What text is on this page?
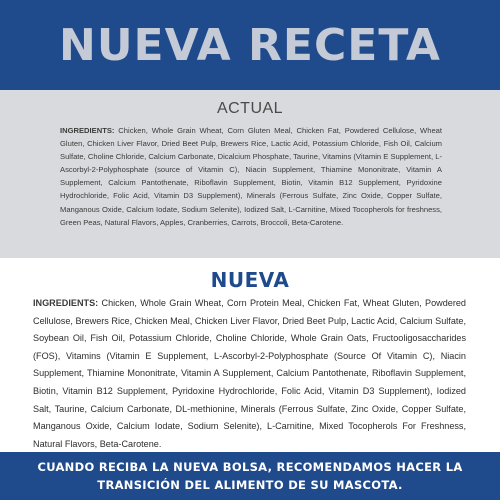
NUEVA RECETA
ACTUAL

INGREDIENTS: Chicken, Whole Grain Wheat, Corn Gluten Meal, Chicken Fat, Powdered Cellulose, Wheat Gluten, Chicken Liver Flavor, Dried Beet Pulp, Brewers Rice, Lactic Acid, Potassium Chloride, Fish Oil, Calcium Sulfate, Choline Chloride, Calcium Carbonate, Dicalcium Phosphate, Taurine, Vitamins (Vitamin E Supplement, L-Ascorbyl-2-Polyphosphate (source of Vitamin C), Niacin Supplement, Thiamine Mononitrate, Vitamin A Supplement, Calcium Pantothenate, Riboflavin Supplement, Biotin, Vitamin B12 Supplement, Pyridoxine Hydrochloride, Folic Acid, Vitamin D3 Supplement), Minerals (Ferrous Sulfate, Zinc Oxide, Copper Sulfate, Manganous Oxide, Calcium Iodate, Sodium Selenite), Iodized Salt, L-Carnitine, Mixed Tocopherols for freshness, Green Peas, Natural Flavors, Apples, Cranberries, Carrots, Broccoli, Beta-Carotene.

NUEVA

INGREDIENTS: Chicken, Whole Grain Wheat, Corn Protein Meal, Chicken Fat, Wheat Gluten, Powdered Cellulose, Brewers Rice, Chicken Meal, Chicken Liver Flavor, Dried Beet Pulp, Lactic Acid, Calcium Sulfate, Soybean Oil, Fish Oil, Potassium Chloride, Choline Chloride, Whole Grain Oats, Fructooligosaccharides (FOS), Vitamins (Vitamin E Supplement, L-Ascorbyl-2-Polyphosphate (Source Of Vitamin C), Niacin Supplement, Thiamine Mononitrate, Vitamin A Supplement, Calcium Pantothenate, Riboflavin Supplement, Biotin, Vitamin B12 Supplement, Pyridoxine Hydrochloride, Folic Acid, Vitamin D3 Supplement), Iodized Salt, Taurine, Calcium Carbonate, DL-methionine, Minerals (Ferrous Sulfate, Zinc Oxide, Copper Sulfate, Manganous Oxide, Calcium Iodate, Sodium Selenite), L-Carnitine, Mixed Tocopherols For Freshness, Natural Flavors, Beta-Carotene.

CUANDO RECIBA LA NUEVA BOLSA, RECOMENDAMOS HACER LA

TRANSICIÓN DEL ALIMENTO DE SU MASCOTA.
